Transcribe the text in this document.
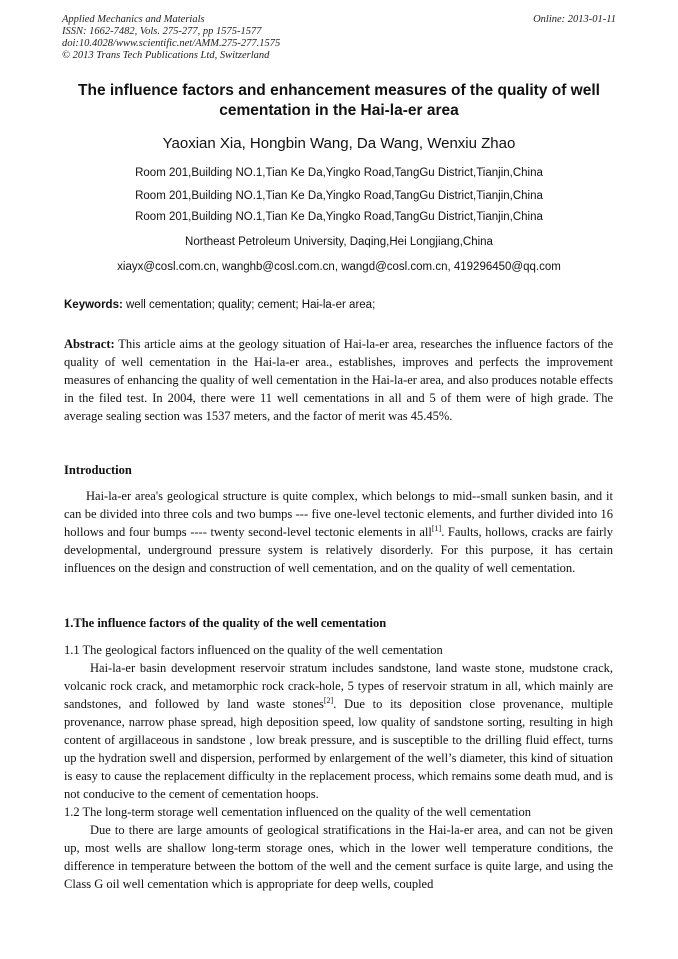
Applied Mechanics and Materials
ISSN: 1662-7482, Vols. 275-277, pp 1575-1577
doi:10.4028/www.scientific.net/AMM.275-277.1575
© 2013 Trans Tech Publications Ltd, Switzerland
Online: 2013-01-11
The influence factors and enhancement measures of the quality of well
cementation in the Hai-la-er area
Yaoxian Xia, Hongbin Wang, Da Wang, Wenxiu Zhao
Room 201,Building NO.1,Tian Ke Da,Yingko Road,TangGu District,Tianjin,China
Room 201,Building NO.1,Tian Ke Da,Yingko Road,TangGu District,Tianjin,China
Room 201,Building NO.1,Tian Ke Da,Yingko Road,TangGu District,Tianjin,China
Northeast Petroleum University, Daqing,Hei Longjiang,China
xiayx@cosl.com.cn, wanghb@cosl.com.cn, wangd@cosl.com.cn, 419296450@qq.com
Keywords: well cementation; quality; cement; Hai-la-er area;

Abstract: This article aims at the geology situation of Hai-la-er area, researches the influence factors of the quality of well cementation in the Hai-la-er area., establishes, improves and perfects the improvement measures of enhancing the quality of well cementation in the Hai-la-er area, and also produces notable effects in the filed test. In 2004, there were 11 well cementations in all and 5 of them were of high grade. The average sealing section was 1537 meters, and the factor of merit was 45.45%.

Introduction

Hai-la-er area's geological structure is quite complex, which belongs to mid--small sunken basin, and it can be divided into three cols and two bumps --- five one-level tectonic elements, and further divided into 16 hollows and four bumps ---- twenty second-level tectonic elements in all[1]. Faults, hollows, cracks are fairly developmental, underground pressure system is relatively disorderly. For this purpose, it has certain influences on the design and construction of well cementation, and on the quality of well cementation.

1.The influence factors of the quality of the well cementation
1.1 The geological factors influenced on the quality of the well cementation

Hai-la-er basin development reservoir stratum includes sandstone, land waste stone, mudstone crack, volcanic rock crack, and metamorphic rock crack-hole, 5 types of reservoir stratum in all, which mainly are sandstones, and followed by land waste stones[2]. Due to its deposition close provenance, multiple provenance, narrow phase spread, high deposition speed, low quality of sandstone sorting, resulting in high content of argillaceous in sandstone , low break pressure, and is susceptible to the drilling fluid effect, turns up the hydration swell and dispersion, performed by enlargement of the well’s diameter, this kind of situation is easy to cause the replacement difficulty in the replacement process, which remains some death mud, and is not conducive to the cement of cementation hoops.

1.2 The long-term storage well cementation influenced on the quality of the well cementation

Due to there are large amounts of geological stratifications in the Hai-la-er area, and can not be given up, most wells are shallow long-term storage ones, which in the lower well temperature conditions, the difference in temperature between the bottom of the well and the cement surface is quite large, and using the Class G oil well cementation which is appropriate for deep wells, coupled
